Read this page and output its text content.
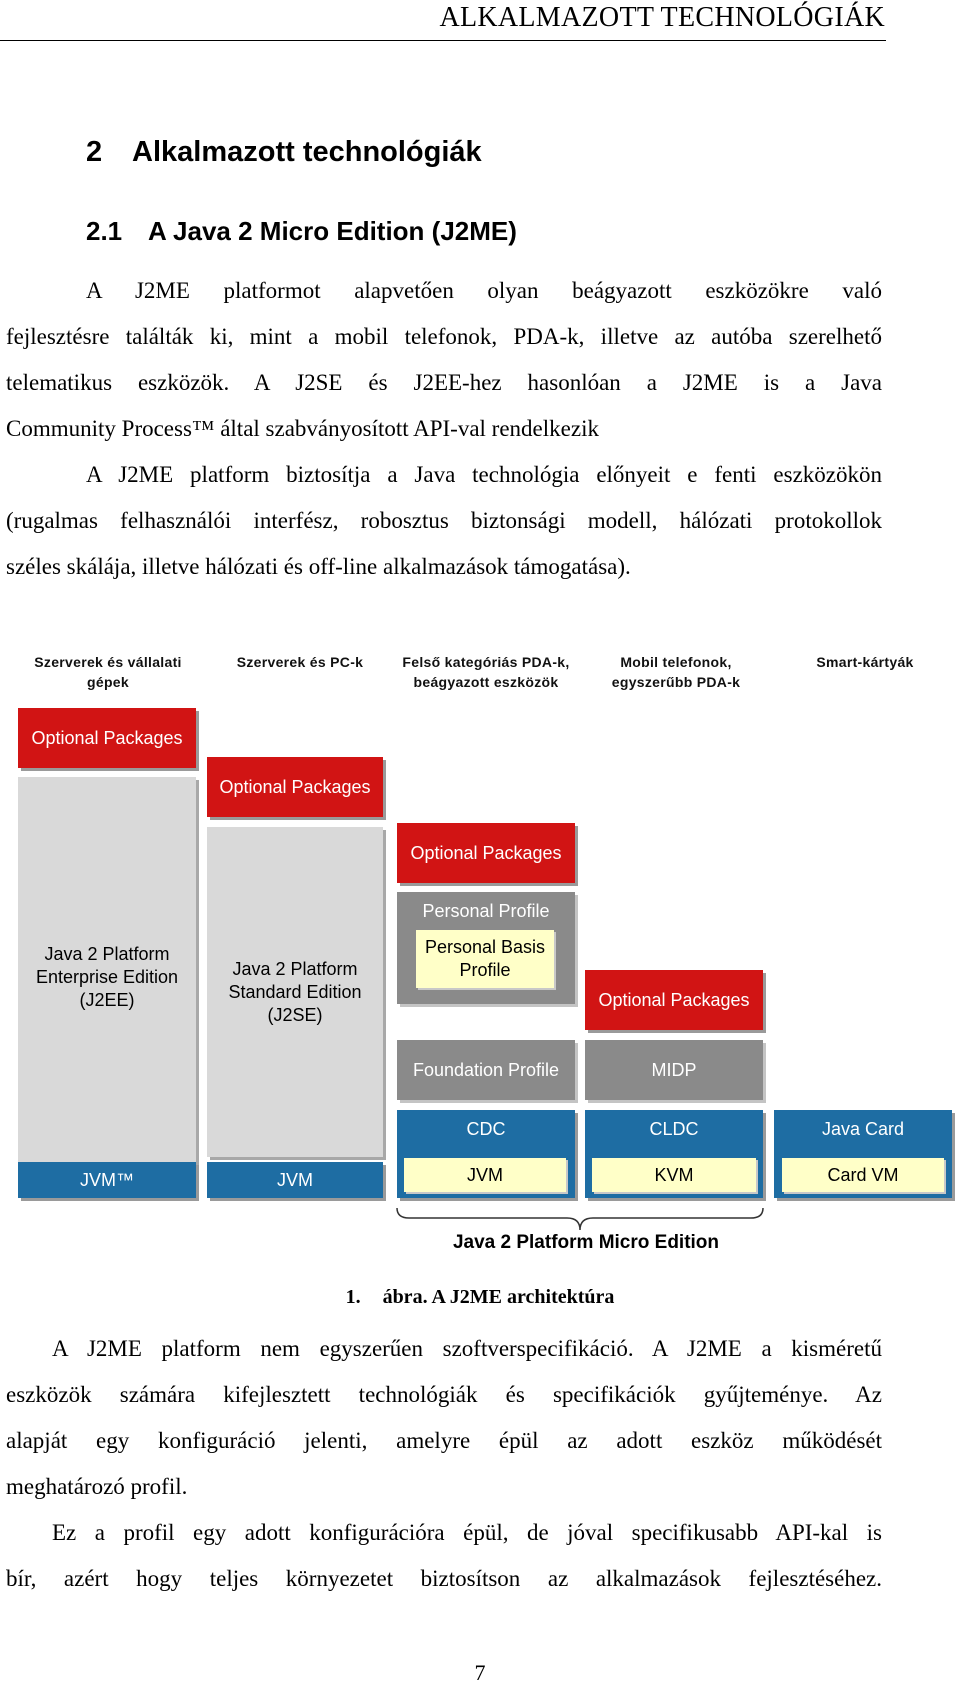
ALKALMAZOTT TECHNOLÓGIÁK
2 Alkalmazott technológiák
2.1 A Java 2 Micro Edition (J2ME)
A J2ME platformot alapvetően olyan beágyazott eszközökre való
fejlesztésre találták ki, mint a mobil telefonok, PDA-k, illetve az autóba szerelhető
telematikus eszközök. A J2SE és J2EE-hez hasonlóan a J2ME is a Java
Community Process™ által szabványosított API-val rendelkezik
A J2ME platform biztosítja a Java technológia előnyeit e fenti eszközökön
(rugalmas felhasználói interfész, robosztus biztonsági modell, hálózati protokollok
széles skálája, illetve hálózati és off-line alkalmazások támogatása).
Szerverek és vállalati gépek
Szerverek és PC-k	Felső kategóriás PDA-k, beágyazott eszközök
Mobil telefonok, egyszerűbb PDA-k
Smart-kártyák
Optional Packages
Java 2 Platform Enterprise Edition (J2EE)
JVM™
Optional Packages
Java 2 Platform Standard Edition (J2SE)
JVM
Optional Packages
Personal Profile
Personal Basis Profile
Foundation Profile
CDC
JVM
Optional Packages
MIDP
CLDC
KVM
Java Card
Card VM
Java 2 Platform Micro Edition
1. ábra. A J2ME architektúra
A J2ME platform nem egyszerűen szoftverspecifikáció. A J2ME a kisméretű
eszközök számára kifejlesztett technológiák és specifikációk gyűjteménye. Az
alapját egy konfiguráció jelenti, amelyre épül az adott eszköz működését
meghatározó profil.
Ez a profil egy adott konfigurációra épül, de jóval specifikusabb API-kal is
bír, azért hogy teljes környezetet biztosítson az alkalmazások fejlesztéséhez.
7
